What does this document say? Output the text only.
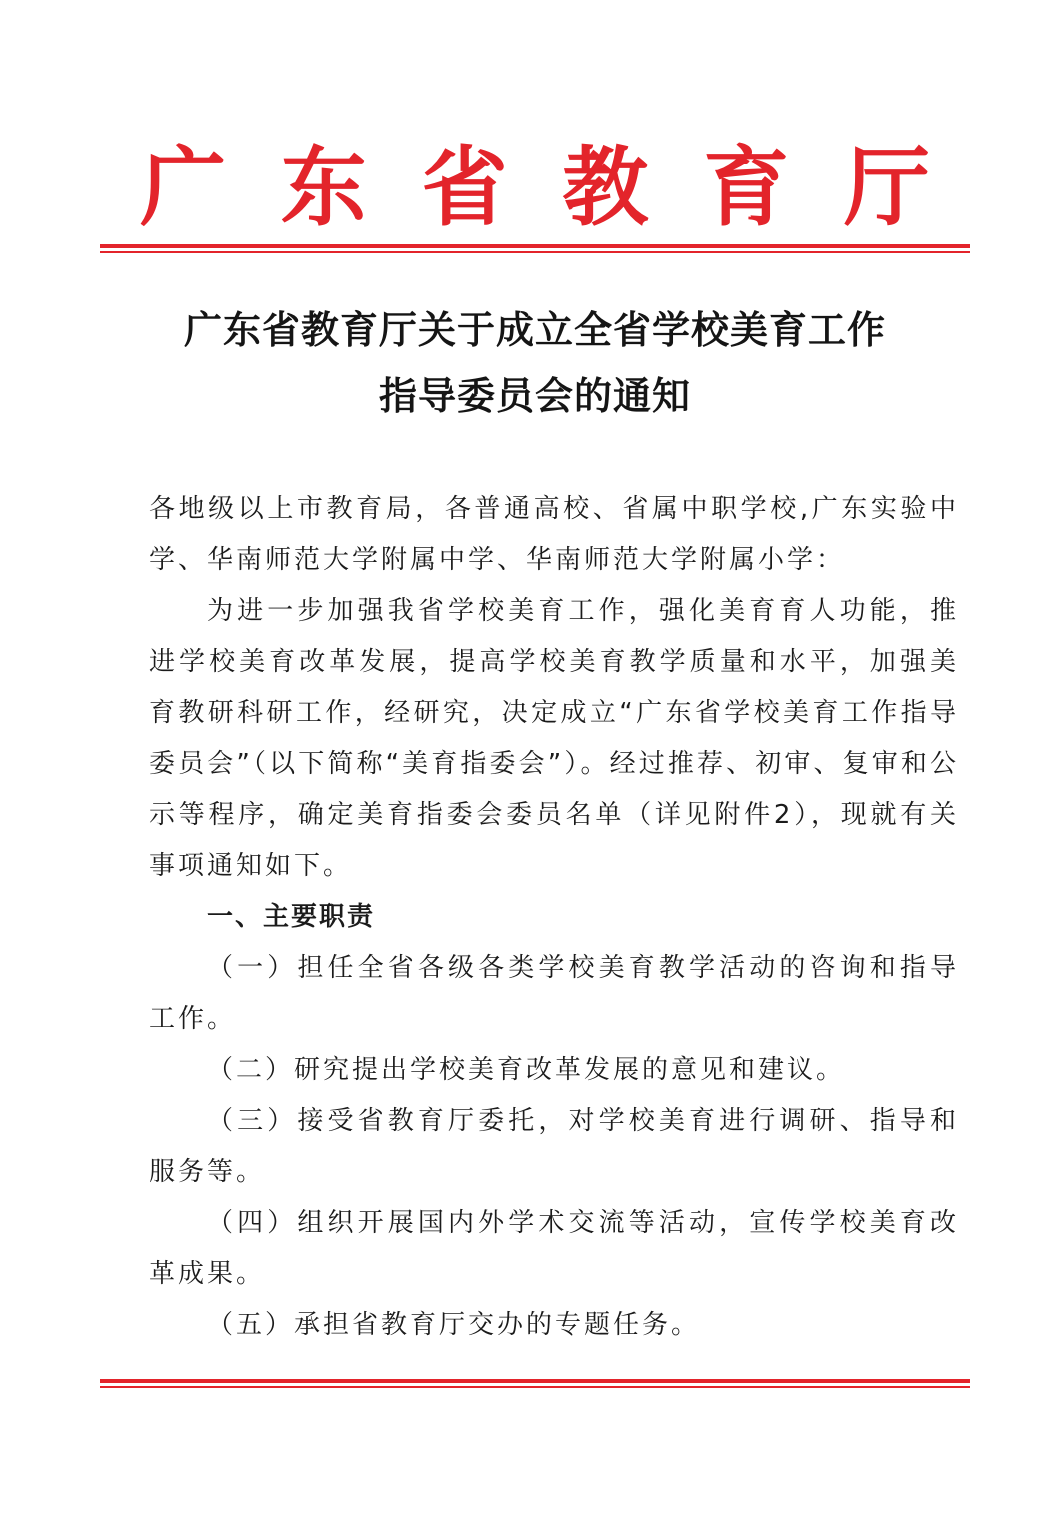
广 东 省 教 育 厅
广东省教育厅关于成立全省学校美育工作
指导委员会的通知

各地级以上市教育局，各普通高校、省属中职学校,广东实验中学、华南师范大学附属中学、华南师范大学附属小学：

为进一步加强我省学校美育工作，强化美育育人功能，推进学校美育改革发展，提高学校美育教学质量和水平，加强美育教研科研工作，经研究，决定成立“广东省学校美育工作指导委员会”（以下简称“美育指委会”）。经过推荐、初审、复审和公示等程序，确定美育指委会委员名单（详见附件2），现就有关事项通知如下。

一、主要职责

（一）担任全省各级各类学校美育教学活动的咨询和指导工作。

（二）研究提出学校美育改革发展的意见和建议。

（三）接受省教育厅委托，对学校美育进行调研、指导和服务等。

（四）组织开展国内外学术交流等活动，宣传学校美育改革成果。

（五）承担省教育厅交办的专题任务。
